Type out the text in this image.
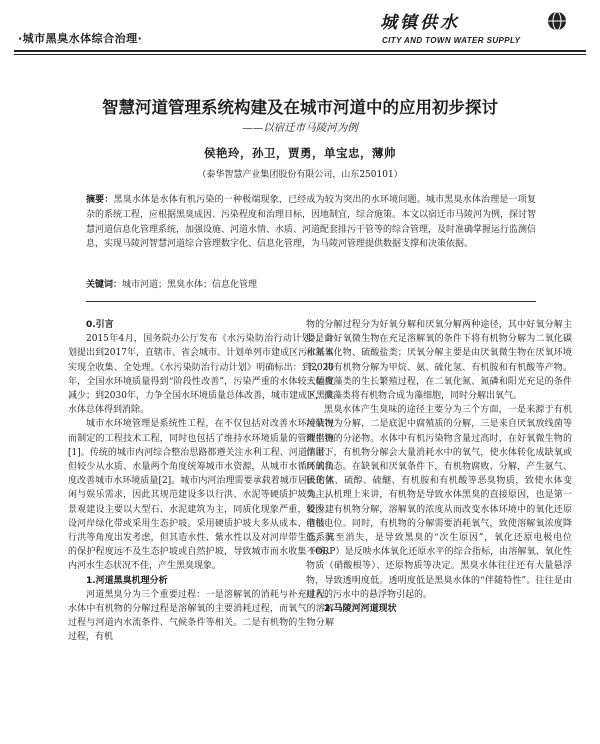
·城市黑臭水体综合治理·
城镇供水
CITY AND TOWN WATER SUPPLY
智慧河道管理系统构建及在城市河道中的应用初步探讨
——以宿迁市马陵河为例
侯艳玲，孙卫，贾勇，单宝忠，薄帅
（泰华智慧产业集团股份有限公司，山东250101）
摘要：黑臭水体是水体有机污染的一种极端现象，已经成为较为突出的水环境问题。城市黑臭水体治理是一项复杂的系统工程，应根据黑臭成因、污染程度和治理目标，因地制宜，综合施策。本文以宿迁市马陵河为例，探讨智慧河道信息化管理系统，加强设施、河道水情、水质、河道配套排污干管等的综合管理，及时准确掌握运行监测信息，实现马陵河智慧河道综合管理数字化、信息化管理，为马陵河管理提供数据支撑和决策依据。
关键词：城市河道；黑臭水体；信息化管理

0.引言

2015年4月，国务院办公厅发布《水污染防治行动计划》，计划提出到2017年，直辖市、省会城市、计划单列市建成区污水基本实现全收集、全处理。《水污染防治行动计划》明确标出：到2020年，全国水环境质量得到“阶段性改善”，污染严重的水体较大幅度减少；到2030年，力争全国水环境质量总体改善，城市建成区黑臭水体总体得到消除。

城市水环境管理是系统性工程，在不仅包括对改善水环境状况而制定的工程技术工程，同时也包括了维持水环境质量的管理措施[1]。传统的城市内河综合整治思路都遵关注水利工程、河道清淤、但较少从水质、水量两个角度统筹城市水资源，从城市水循环的角度改善城市水环境质量[2]。城市内河治理需要承载着城市居民的休闲与娱乐需求，因此其规范建设多以行洪、水泥等硬质护坡为主，景观建设主要以大型石、水泥建筑为主，同质化现象严重，较少建设河岸绿化带或采用生态护坡。采用硬质护坡大多从成本、清洁、行洪等角度出发考虑，但其造水性、紫水性以及对河岸带生态系统的保护程度远不及生态护坡或自然护坡，导致城市而水收集不畅，内河水生态状况不佳，产生黑臭现象。

1.河道黑臭机理分析

河道黑臭分为三个重要过程：一是溶解氧的消耗与补充过程，水体中有机物的分解过程是溶解氧的主要消耗过程，而氧气的溶解过程与河道内水流条件、气候条件等相关。二是有机物的生物分解过程，有机

物的分解过程分为好氧分解和厌氧分解两种途径，其中好氧分解主要是由好氧微生物在充足溶解氧的条件下将有机物分解为二氧化碳和氮氧化物、硫酸盐类；厌氧分解主要是由厌氧微生物在厌氧环境下，将有机物分解为甲烷、氨、硫化氢、有机胺和有机酸等产物。三是微藻类的生长繁殖过程，在二氧化氮、氮磷和阳光充足的条件下，微藻类将有机物合成为藻细胞，同时分解出氧气。

黑臭水体产生臭味的途径主要分为三个方面，一是来源于有机污染物为分解，二是底泥中腐殖质的分解，三是来自厌氧放线菌等微生物的分泌物。水体中有机污染物含量过高时，在好氧微生物的作用下，有机物分解会大量消耗水中的氧气，使水体转化成缺氧或厌氧状态。在缺氧和厌氧条件下，有机物腐败、分解，产生氨气、硫化氢、硫醇、硫醚、有机胺和有机酸等恶臭物质，致使水体变臭。从机理上来讲，有机物是导致水体黑臭的直接原因，也是第一要因。有机物分解，溶解氧的浓度从而改变水体环境中的氧化还原电极电位。同时，有机物的分解需要消耗氧气，致使溶解氧浓度降低，其至消失，是导致黑臭的“次生原因”，氧化还原电极电位（ORP）是反映水体氧化还原水平的综合指标，由溶解氧、氧化性物质（硝酸根等）、还原物质等决定。黑臭水体往往还有大量悬浮物，导致透明度低。透明度低是黑臭水体的“伴随特性”。往往是由排入的污水中的悬浮物引起的。

2.马陵河河道现状
